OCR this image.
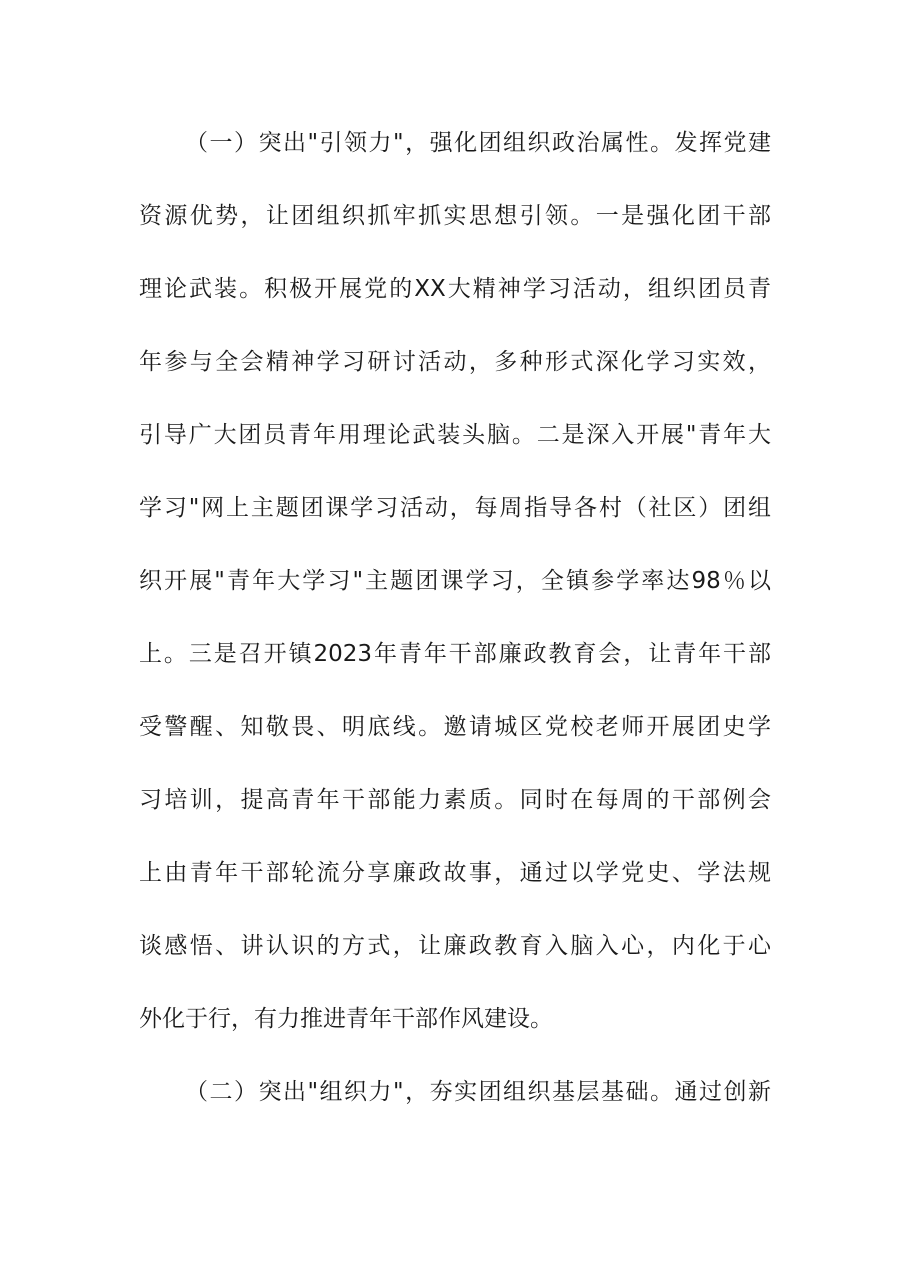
（一）突出"引领力"，强化团组织政治属性。发挥党建
资源优势，让团组织抓牢抓实思想引领。一是强化团干部
理论武装。积极开展党的XX大精神学习活动，组织团员青
年参与全会精神学习研讨活动，多种形式深化学习实效，
引导广大团员青年用理论武装头脑。二是深入开展"青年大
学习"网上主题团课学习活动，每周指导各村（社区）团组
织开展"青年大学习"主题团课学习，全镇参学率达98％以
上。三是召开镇2023年青年干部廉政教育会，让青年干部
受警醒、知敬畏、明底线。邀请城区党校老师开展团史学
习培训，提高青年干部能力素质。同时在每周的干部例会
上由青年干部轮流分享廉政故事，通过以学党史、学法规
谈感悟、讲认识的方式，让廉政教育入脑入心，内化于心
外化于行，有力推进青年干部作风建设。
（二）突出"组织力"，夯实团组织基层基础。通过创新
